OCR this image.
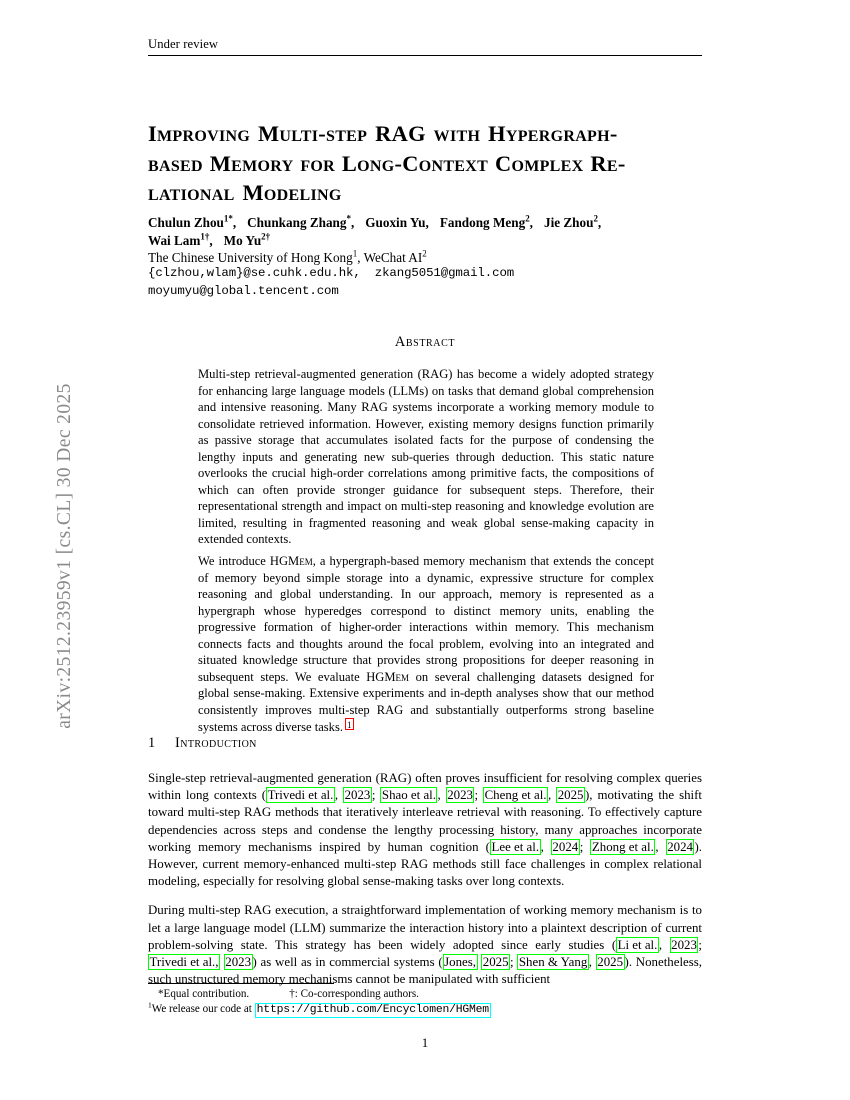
arXiv:2512.23959v1 [cs.CL] 30 Dec 2025
Under review
Improving Multi-step RAG with Hypergraph-
based Memory for Long-Context Complex Re-
lational Modeling
Chulun Zhou$^{1*}$, Chunkang Zhang*, Guoxin Yu, Fandong Meng$^2$, Jie Zhou$^2$,
Wai Lam$^{1\dagger}$, Mo $Yu^{2\dagger}$
The Chinese University of Hong Kong$^1$, WeChat $AI^2$
{clzhou,wlam}@se.cuhk.edu.hk, zkang5051@gmail.com
moyumyu@global.tencent.com
Abstract

Multi-step retrieval-augmented generation (RAG) has become a widely adopted strategy for enhancing large language models (LLMs) on tasks that demand global comprehension and intensive reasoning. Many RAG systems incorporate a working memory module to consolidate retrieved information. However, existing memory designs function primarily as passive storage that accumulates isolated facts for the purpose of condensing the lengthy inputs and generating new sub-queries through deduction. This static nature overlooks the crucial high-order correlations among primitive facts, the compositions of which can often provide stronger guidance for subsequent steps. Therefore, their representational strength and impact on multi-step reasoning and knowledge evolution are limited, resulting in fragmented reasoning and weak global sense-making capacity in extended contexts.

We introduce HGMem, a hypergraph-based memory mechanism that extends the concept of memory beyond simple storage into a dynamic, expressive structure for complex reasoning and global understanding. In our approach, memory is represented as a hypergraph whose hyperedges correspond to distinct memory units, enabling the progressive formation of higher-order interactions within memory. This mechanism connects facts and thoughts around the focal problem, evolving into an integrated and situated knowledge structure that provides strong propositions for deeper reasoning in subsequent steps. We evaluate HGMem on several challenging datasets designed for global sense-making. Extensive experiments and in-depth analyses show that our method consistently improves multi-step RAG and substantially outperforms strong baseline systems across diverse tasks. 1

1 Introduction

Single-step retrieval-augmented generation (RAG) often proves insufficient for resolving complex queries within long contexts ( Trivedi et al. , 2023 ; Shao et al. , 2023 ; Cheng et al. , 2025 ), motivating the shift toward multi-step RAG methods that iteratively interleave retrieval with reasoning. To effectively capture dependencies across steps and condense the lengthy processing history, many approaches incorporate working memory mechanisms inspired by human cognition ( Lee et al. , 2024 ; Zhong et al. , 2024 ). However, current memory-enhanced multi-step RAG methods still face challenges in complex relational modeling, especially for resolving global sense-making tasks over long contexts.

During multi-step RAG execution, a straightforward implementation of working memory mechanism is to let a large language model (LLM) summarize the interaction history into a plaintext description of current problem-solving state. This strategy has been widely adopted since early studies ( Li et al. , 2023 ; Trivedi et al., 2023 ) as well as in commercial systems ( Jones, 2025 ; Shen & Yang , 2025 ). Nonetheless, such unstructured memory mechanisms cannot be manipulated with sufficient

*Equal contribution.	†: Co-corresponding authors.
$^1$We release our code at https://github.com/Encyclomen/HGMem
1
